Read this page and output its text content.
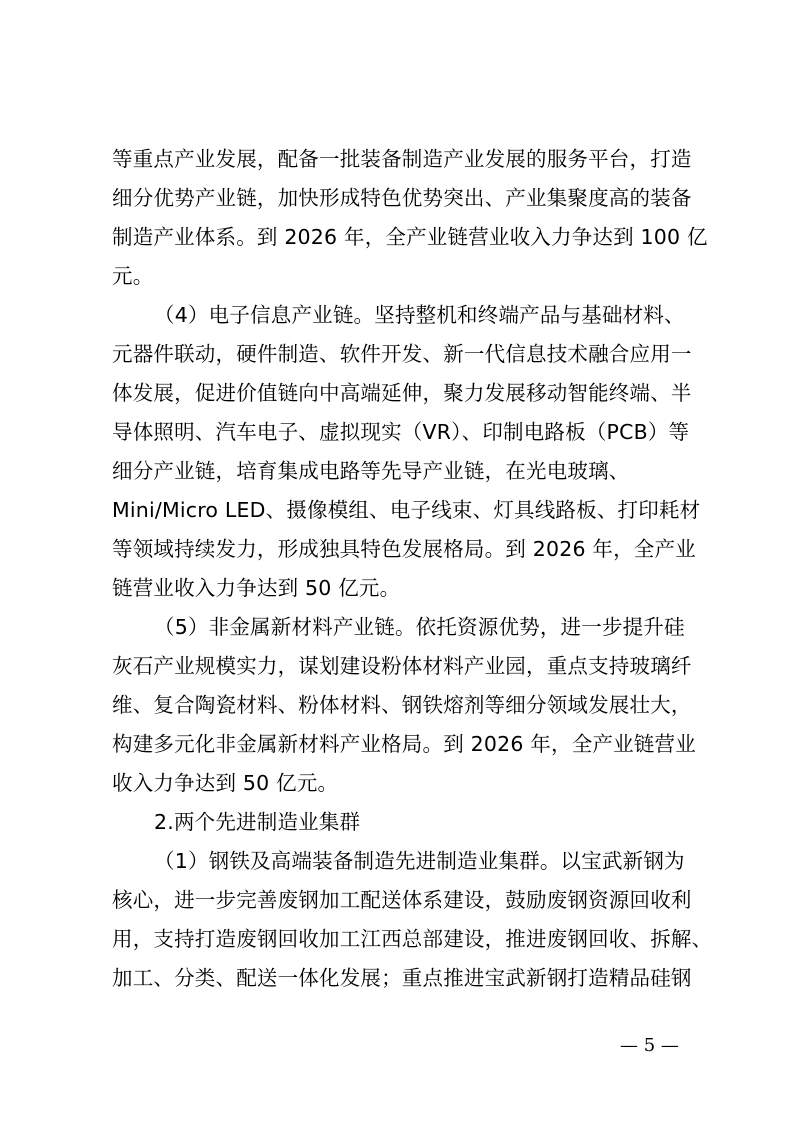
等重点产业发展，配备一批装备制造产业发展的服务平台，打造
细分优势产业链，加快形成特色优势突出、产业集聚度高的装备
制造产业体系。到 2026 年，全产业链营业收入力争达到 100 亿
元。
（4）电子信息产业链。坚持整机和终端产品与基础材料、
元器件联动，硬件制造、软件开发、新一代信息技术融合应用一
体发展，促进价值链向中高端延伸，聚力发展移动智能终端、半
导体照明、汽车电子、虚拟现实（VR）、印制电路板（PCB）等
细分产业链，培育集成电路等先导产业链，在光电玻璃、
Mini/Micro LED、摄像模组、电子线束、灯具线路板、打印耗材
等领域持续发力，形成独具特色发展格局。到 2026 年，全产业
链营业收入力争达到 50 亿元。
（5）非金属新材料产业链。依托资源优势，进一步提升硅
灰石产业规模实力，谋划建设粉体材料产业园，重点支持玻璃纤
维、复合陶瓷材料、粉体材料、钢铁熔剂等细分领域发展壮大，
构建多元化非金属新材料产业格局。到 2026 年，全产业链营业
收入力争达到 50 亿元。
2.两个先进制造业集群
（1）钢铁及高端装备制造先进制造业集群。以宝武新钢为
核心，进一步完善废钢加工配送体系建设，鼓励废钢资源回收利
用，支持打造废钢回收加工江西总部建设，推进废钢回收、拆解、
加工、分类、配送一体化发展；重点推进宝武新钢打造精品硅钢
— 5 —
